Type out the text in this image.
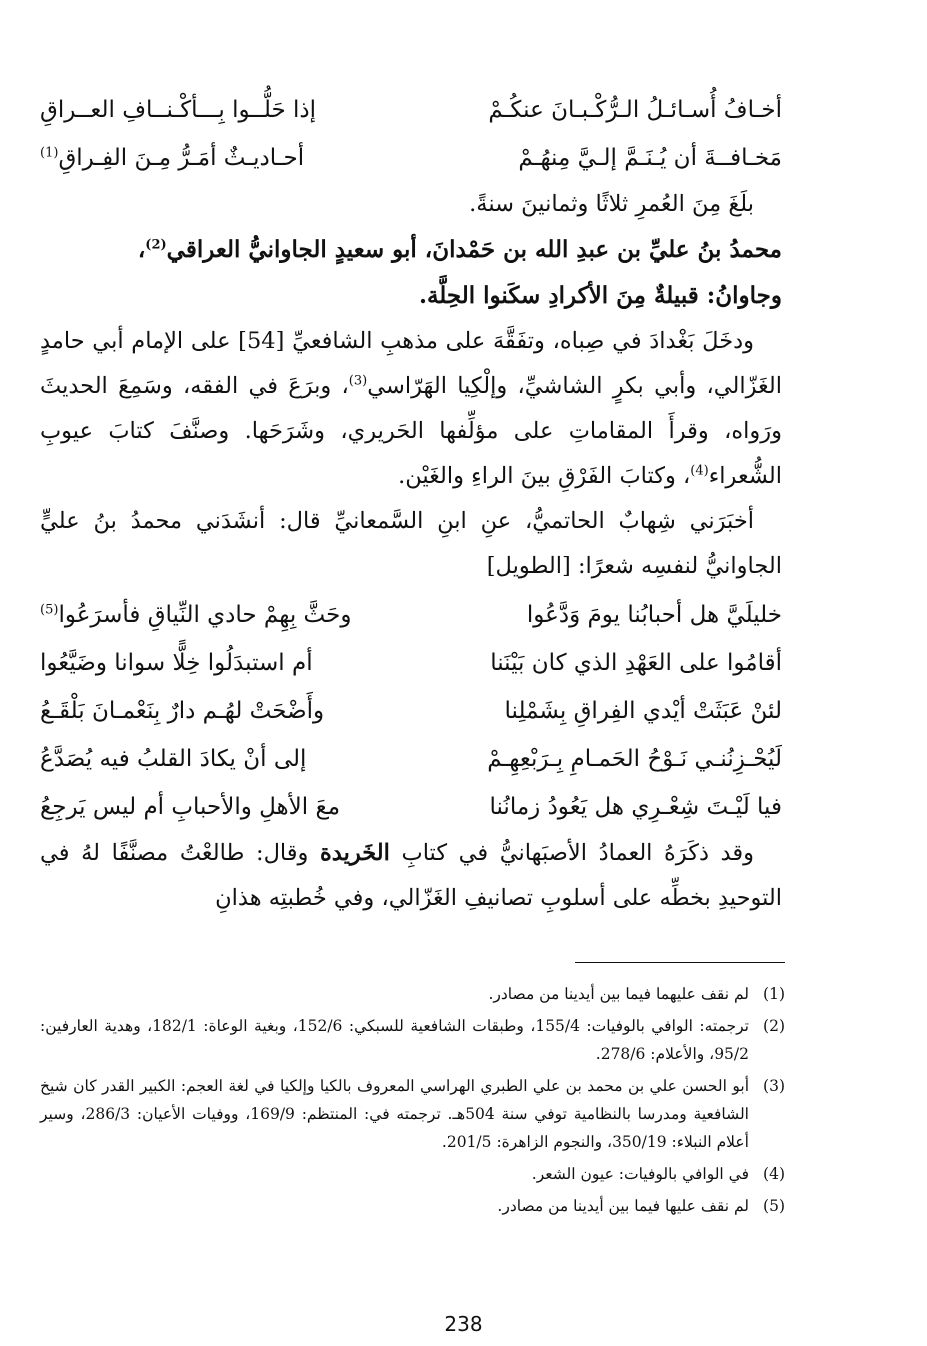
أخـافُ أُسـائـلُ الـرُّكْـبـانَ عنكُـمْ
إذا حَلُّــوا بِـــأكْـنــافِ العــراقِ
مَخـافــةَ أن يُـنَـمَّ إلـيَّ مِنهُـمْ
أحـاديـثٌ أمَـرُّ مِـنَ الفِـراقِ$^{(1)}$
بلَغَ مِنَ العُمرِ ثلاثًا وثمانينَ سنةً.
محمدُ بنُ عليِّ بن عبدِ الله بن حَمْدانَ، أبو سعيدٍ الجاوانيُّ العراقي$^{(2)}$،
وجاوانُ: قبيلةٌ مِنَ الأكرادِ سكَنوا الحِلَّة.
ودخَلَ بَغْدادَ في صِباه، وتفَقَّهَ على مذهبِ الشافعيِّ [54] على الإمام أبي حامدٍ الغَزّالي، وأبي بكرٍ الشاشيِّ، وإلْكِيا الهَرّاسي$^{(3)}$، وبرَعَ في الفقه، وسَمِعَ الحديثَ ورَواه، وقرأَ المقاماتِ على مؤلِّفها الحَريري، وشَرَحَها. وصنَّفَ كتابَ عيوبِ الشُّعراء$^{(4)}$، وكتابَ الفَرْقِ بينَ الراءِ والغَيْن.
أخبَرَني شِهابٌ الحاتميُّ، عنِ ابنِ السَّمعانيِّ قال: أنشَدَني محمدُ بنُ عليٍّ الجاوانيُّ لنفسِه شعرًا: [الطويل]
خليلَيَّ هل أحبابُنا يومَ وَدَّعُوا
وحَثَّ بِهِمْ حادي النِّياقِ فأسرَعُوا$^{(5)}$
أقامُوا على العَهْدِ الذي كان بَيْنَنا
أم استبدَلُوا خِلًّا سوانا وضَيَّعُوا
لئنْ عَبَثَتْ أيْدي الفِراقِ بِشَمْلِنا
وأَضْحَتْ لهُـم دارٌ بِنَعْمـانَ بَلْقَـعُ
لَيُحْـزِنُنـي نَـوْحُ الحَمـامِ بِـرَبْعِهِـمْ
إلى أنْ يكادَ القلبُ فيه يُصَدَّعُ
فيا لَيْـتَ شِعْـرِي هل يَعُودُ زمانُنا
معَ الأهلِ والأحبابِ أم ليس يَرجِعُ
وقد ذكَرَهُ العمادُ الأصبَهانيُّ في كتابِ الخَريدة وقال: طالعْتُ مصنَّفًا لهُ في التوحيدِ بخطِّه على أسلوبِ تصانيفِ الغَزّالي، وفي خُطبتِه هذانِ
(1)
لم نقف عليهما فيما بين أيدينا من مصادر.
(2)
ترجمته: الوافي بالوفيات: 155/4، وطبقات الشافعية للسبكي: 152/6، وبغية الوعاة: 182/1، وهدية العارفين: 95/2، والأعلام: 278/6.
(3)
أبو الحسن علي بن محمد بن علي الطبري الهراسي المعروف بالكيا وإلكيا في لغة العجم: الكبير القدر كان شيخ الشافعية ومدرسا بالنظامية توفي سنة 504هـ. ترجمته في: المنتظم: 169/9، ووفيات الأعيان: 286/3، وسير أعلام النبلاء: 350/19، والنجوم الزاهرة: 201/5.
(4)
في الوافي بالوفيات: عيون الشعر.
(5)
لم نقف عليها فيما بين أيدينا من مصادر.
238
